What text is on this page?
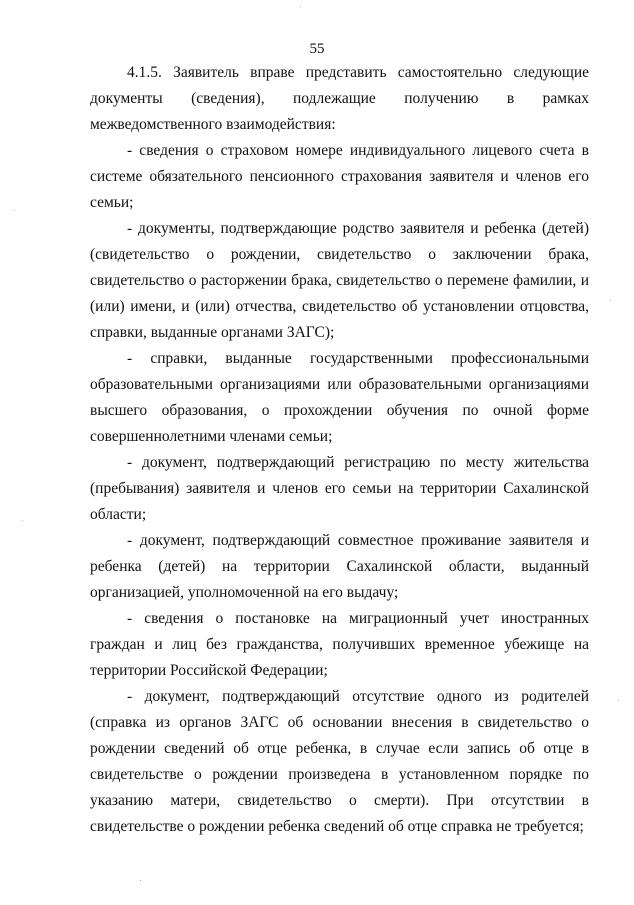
55

4.1.5. Заявитель вправе представить самостоятельно следующие документы (сведения), подлежащие получению в рамках межведомственного взаимодействия:

- сведения о страховом номере индивидуального лицевого счета в системе обязательного пенсионного страхования заявителя и членов его семьи;

- документы, подтверждающие родство заявителя и ребенка (детей) (свидетельство о рождении, свидетельство о заключении брака, свидетельство о расторжении брака, свидетельство о перемене фамилии, и (или) имени, и (или) отчества, свидетельство об установлении отцовства, справки, выданные органами ЗАГС);

- справки, выданные государственными профессиональными образовательными организациями или образовательными организациями высшего образования, о прохождении обучения по очной форме совершеннолетними членами семьи;

- документ, подтверждающий регистрацию по месту жительства (пребывания) заявителя и членов его семьи на территории Сахалинской области;

- документ, подтверждающий совместное проживание заявителя и ребенка (детей) на территории Сахалинской области, выданный организацией, уполномоченной на его выдачу;

- сведения о постановке на миграционный учет иностранных граждан и лиц без гражданства, получивших временное убежище на территории Российской Федерации;

- документ, подтверждающий отсутствие одного из родителей (справка из органов ЗАГС об основании внесения в свидетельство о рождении сведений об отце ребенка, в случае если запись об отце в свидетельстве о рождении произведена в установленном порядке по указанию матери, свидетельство о смерти). При отсутствии в свидетельстве о рождении ребенка сведений об отце справка не требуется;
